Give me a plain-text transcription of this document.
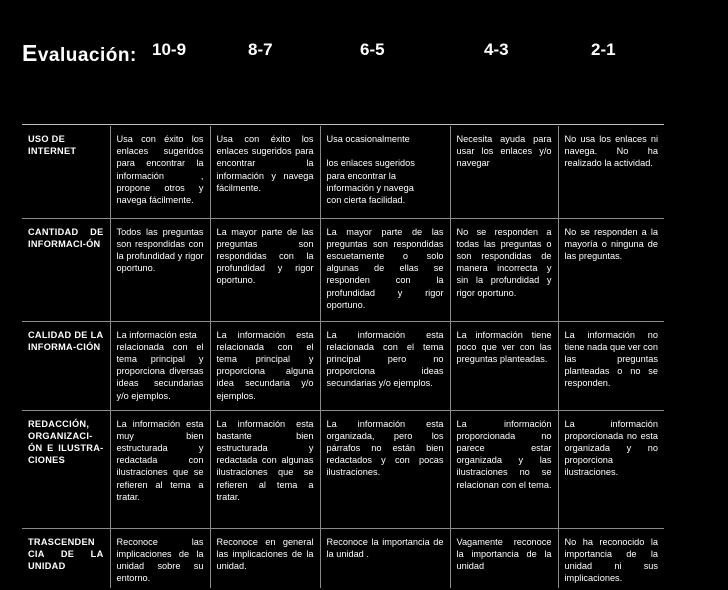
Evaluación: 10-9	8-7	6-5	4-3	2-1
USO DE
INTERNET	Usa con éxito los enlaces sugeridos para encontrar la información , propone otros y navega fácilmente.	Usa con éxito los enlaces sugeridos para encontrar la información y navega fácilmente.	Usa ocasionalmente

los enlaces sugeridos
para encontrar la información y navega
con cierta facilidad.	Necesita ayuda para usar los enlaces y/o navegar	No usa los enlaces ni navega. No ha realizado la actividad.
CANTIDAD DE INFORMACI-ÓN	Todos las preguntas son respondidas con la profundidad y rigor oportuno.	La mayor parte de las preguntas son respondidas con la profundidad y rigor oportuno.	La mayor parte de las preguntas son respondidas escuetamente o solo algunas de ellas se responden con la profundidad y rigor oportuno.	No se responden a todas las preguntas o son respondidas de manera incorrecta y sin la profundidad y rigor oportuno.	No se responden a la mayoría o ninguna de las preguntas.
CALIDAD DE LA INFORMA-CIÓN	La información esta
relacionada con el tema principal y proporciona diversas ideas secundarias y/o ejemplos.	La información esta relacionada con el tema principal y proporciona alguna idea secundaria y/o ejemplos.	La información esta relacionada con el tema principal pero no proporciona ideas secundarias y/o ejemplos.	La información tiene poco que ver con las preguntas planteadas.	La información no tiene nada que ver con las preguntas planteadas o no se responden.
REDACCIÓN, ORGANIZACI-ÓN E ILUSTRA-CIONES	La información esta muy bien estructurada y redactada con ilustraciones que se refieren al tema a tratar.	La información esta bastante bien estructurada y redactada con algunas ilustraciones que se refieren al tema a tratar.	La información esta organizada, pero los párrafos no están bien redactados y con pocas ilustraciones.	La información proporcionada no parece estar organizada y las ilustraciones no se relacionan con el tema.	La información proporcionada no esta organizada y no proporciona ilustraciones.
TRASCENDEN CIA DE LA UNIDAD	Reconoce las implicaciones de la unidad sobre su entorno.	Reconoce en general las implicaciones de la unidad.	Reconoce la importancia de la unidad .	Vagamente reconoce la importancia de la unidad	No ha reconocido la importancia de la unidad ni sus implicaciones.
